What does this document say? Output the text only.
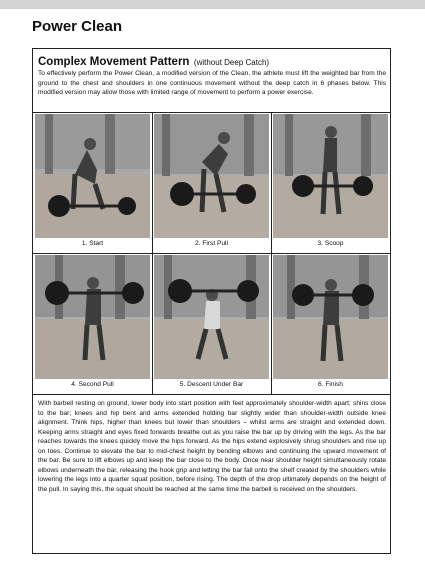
Power Clean
Complex Movement Pattern (without Deep Catch)
To effectively perform the Power Clean, a modified version of the Clean, the athlete must lift the weighted bar from the ground to the chest and shoulders in one continuous movement without the deep catch in 6 phases below. This modified version may allow those with limited range of movement to perform a power exercise.
1. Start	2. First Pull	3. Scoop
4. Second Pull	5. Descent Under Bar	6. Finish
With barbell resting on ground, lower body into start position with feet approximately shoulder-width apart; shins close to the bar; knees and hip bent and arms extended holding bar slightly wider than shoulder-width outside knee alignment. Think hips, higher than knees but lower than shoulders – whilst arms are straight and extended down. Keeping arms straight and eyes fixed forwards breathe out as you raise the bar up by driving with the legs. As the bar reaches towards the knees quickly move the hips forward. As the hips extend explosively shrug shoulders and rise up on toes. Continue to elevate the bar to mid-chest height by bending elbows and continuing the upward movement of the bar. Be sure to lift elbows up and keep the bar close to the body. Once near shoulder height simultaneously rotate elbows underneath the bar, releasing the hook grip and letting the bar fall onto the shelf created by the shoulders while lowering the legs into a quarter squat position, before rising. The depth of the drop ultimately depends on the height of the pull. In saying this, the squat should be reached at the same time the barbell is received on the shoulders.
